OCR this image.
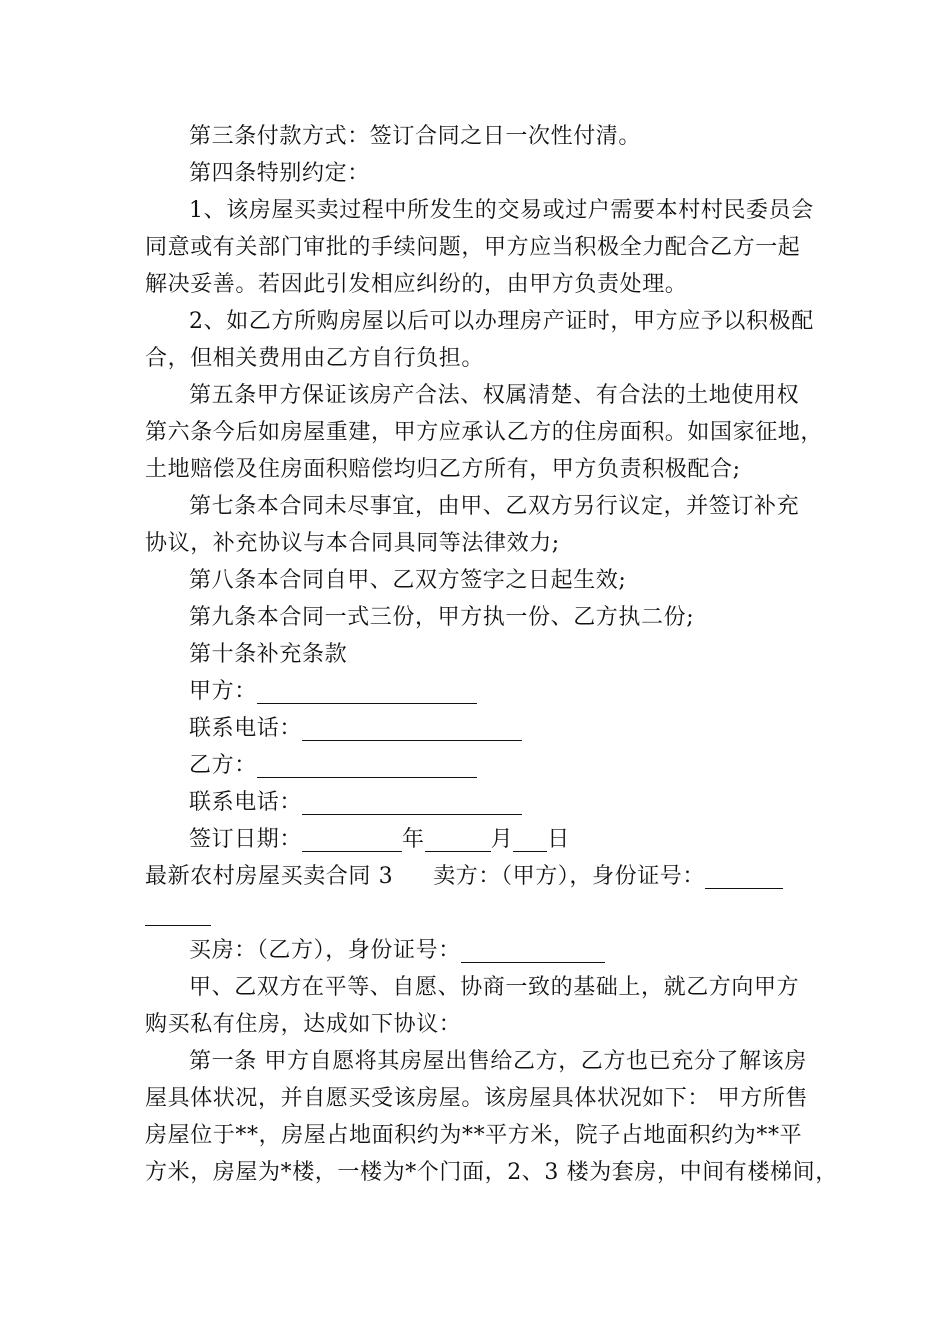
第三条付款方式：签订合同之日一次性付清。
第四条特别约定：
1、该房屋买卖过程中所发生的交易或过户需要本村村民委员会
同意或有关部门审批的手续问题，甲方应当积极全力配合乙方一起
解决妥善。若因此引发相应纠纷的，由甲方负责处理。
2、如乙方所购房屋以后可以办理房产证时，甲方应予以积极配
合，但相关费用由乙方自行负担。
第五条甲方保证该房产合法、权属清楚、有合法的土地使用权
第六条今后如房屋重建，甲方应承认乙方的住房面积。如国家征地，
土地赔偿及住房面积赔偿均归乙方所有，甲方负责积极配合;
第七条本合同未尽事宜，由甲、乙双方另行议定，并签订补充
协议，补充协议与本合同具同等法律效力;
第八条本合同自甲、乙双方签字之日起生效;
第九条本合同一式三份，甲方执一份、乙方执二份;
第十条补充条款
甲方：
联系电话：
乙方：
联系电话：
签订日期：	年	月 日
最新农村房屋买卖合同 3 卖方：（甲方），身份证号：
买房：（乙方），身份证号：
甲、乙双方在平等、自愿、协商一致的基础上，就乙方向甲方
购买私有住房，达成如下协议：
第一条 甲方自愿将其房屋出售给乙方，乙方也已充分了解该房
屋具体状况，并自愿买受该房屋。该房屋具体状况如下： 甲方所售
房屋位于**，房屋占地面积约为**平方米，院子占地面积约为**平
方米，房屋为*楼，一楼为*个门面，2、3 楼为套房，中间有楼梯间，
